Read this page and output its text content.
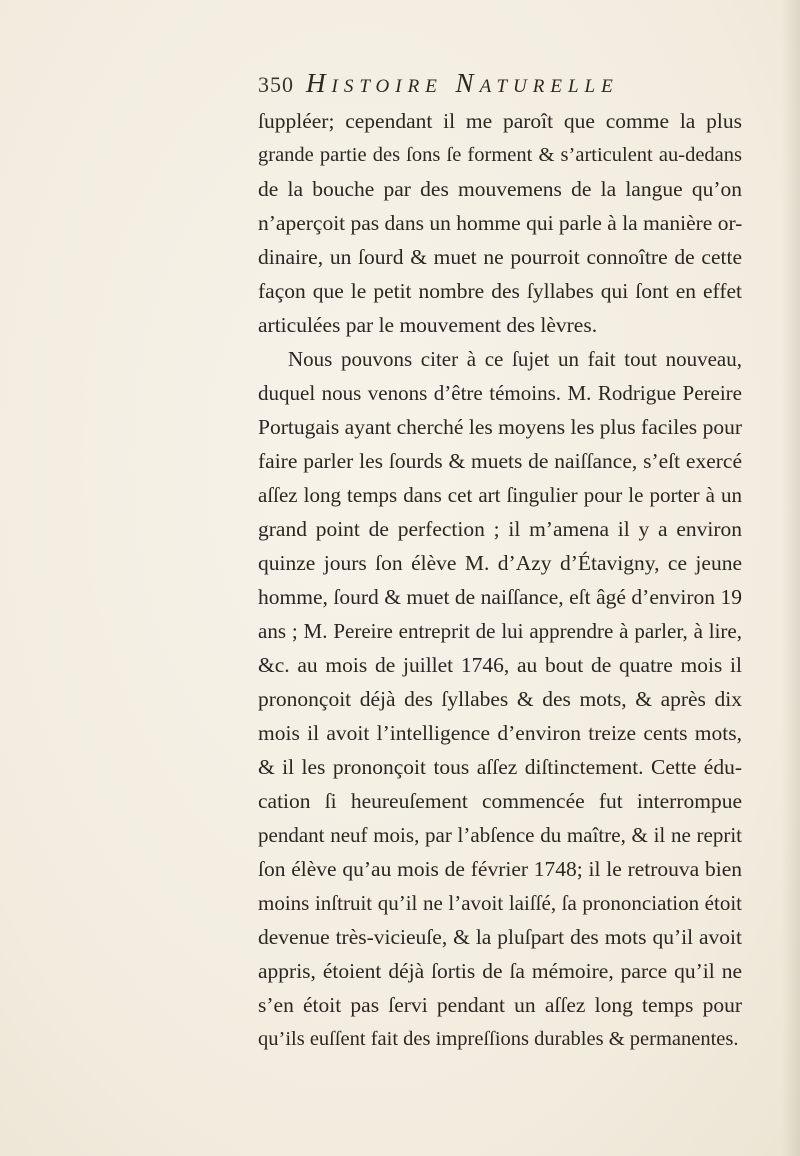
350 Histoire Naturelle
ſuppléer; cependant il me paroît que comme la plus
grande partie des ſons ſe forment & s’articulent au-dedans
de la bouche par des mouvemens de la langue qu’on
n’aperçoit pas dans un homme qui parle à la manière or-
dinaire, un ſourd & muet ne pourroit connoître de cette
façon que le petit nombre des ſyllabes qui ſont en effet
articulées par le mouvement des lèvres.
Nous pouvons citer à ce ſujet un fait tout nouveau,
duquel nous venons d’être témoins. M. Rodrigue Pereire
Portugais ayant cherché les moyens les plus faciles pour
faire parler les ſourds & muets de naiſſance, s’eſt exercé
aſſez long temps dans cet art ſingulier pour le porter à un
grand point de perfection ; il m’amena il y a environ
quinze jours ſon élève M. d’Azy d’Étavigny, ce jeune
homme, ſourd & muet de naiſſance, eſt âgé d’environ 19
ans ; M. Pereire entreprit de lui apprendre à parler, à lire,
&c. au mois de juillet 1746, au bout de quatre mois il
prononçoit déjà des ſyllabes & des mots, & après dix
mois il avoit l’intelligence d’environ treize cents mots,
& il les prononçoit tous aſſez diſtinctement. Cette édu-
cation ſi heureuſement commencée fut interrompue
pendant neuf mois, par l’abſence du maître, & il ne reprit
ſon élève qu’au mois de février 1748; il le retrouva bien
moins inſtruit qu’il ne l’avoit laiſſé, ſa prononciation étoit
devenue très-vicieuſe, & la pluſpart des mots qu’il avoit
appris, étoient déjà ſortis de ſa mémoire, parce qu’il ne
s’en étoit pas ſervi pendant un aſſez long temps pour
qu’ils euſſent fait des impreſſions durables & permanentes.
